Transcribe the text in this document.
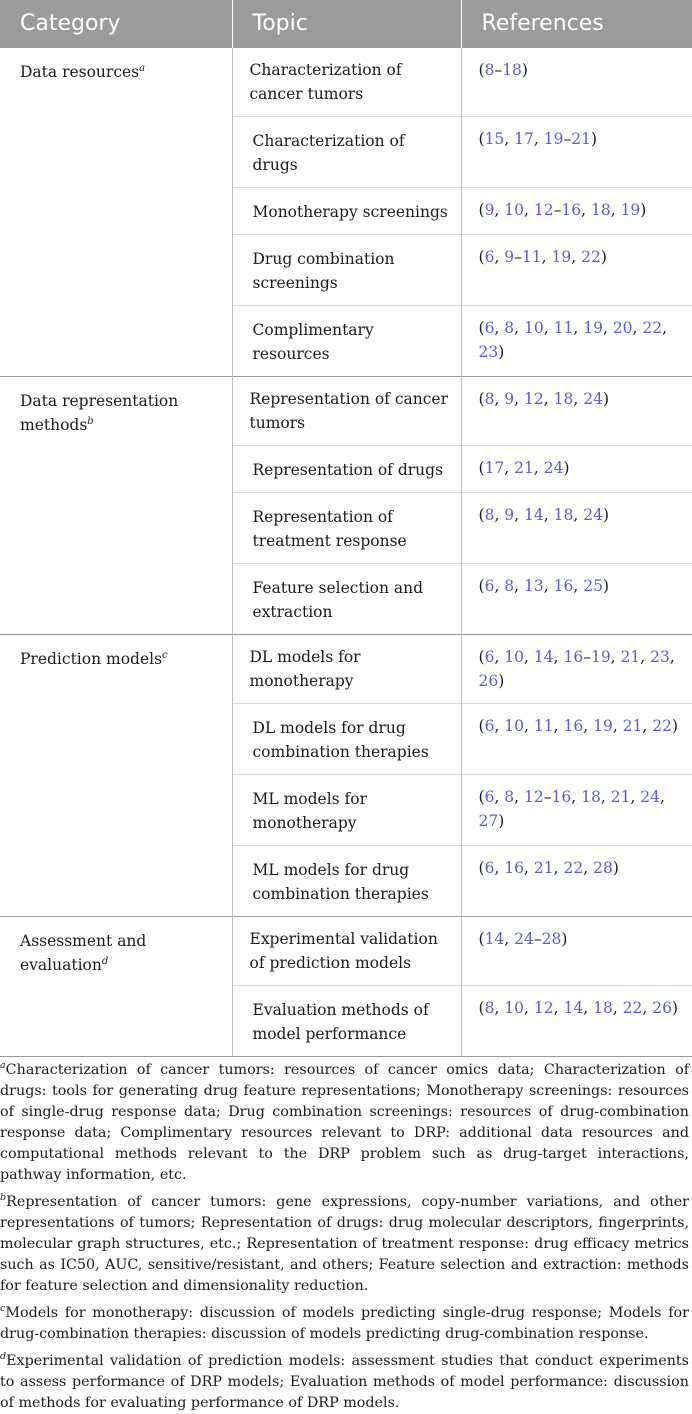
Category	Topic	References
Data resources$^a$	Characterization of cancer tumors	(8–18)
	Characterization of drugs	(15, 17, 19–21)
	Monotherapy screenings	(9, 10, 12–16, 18, 19)
	Drug combination screenings	(6, 9–11, 19, 22)
	Complimentary resources	(6, 8, 10, 11, 19, 20, 22, 23)
Data representation methods$^b$	Representation of cancer tumors	(8, 9, 12, 18, 24)
	Representation of drugs	(17, 21, 24)
	Representation of treatment response	(8, 9, 14, 18, 24)
	Feature selection and extraction	(6, 8, 13, 16, 25)
Prediction models$^c$	DL models for monotherapy	(6, 10, 14, 16–19, 21, 23, 26)
	DL models for drug combination therapies	(6, 10, 11, 16, 19, 21, 22)
	ML models for monotherapy	(6, 8, 12–16, 18, 21, 24, 27)
	ML models for drug combination therapies	(6, 16, 21, 22, 28)
Assessment and evaluation$^d$	Experimental validation of prediction models	(14, 24–28)
	Evaluation methods of model performance	(8, 10, 12, 14, 18, 22, 26)

$^a$Characterization of cancer tumors: resources of cancer omics data; Characterization of drugs: tools for generating drug feature representations; Monotherapy screenings: resources of single-drug response data; Drug combination screenings: resources of drug-combination response data; Complimentary resources relevant to DRP: additional data resources and computational methods relevant to the DRP problem such as drug-target interactions, pathway information, etc.

$^b$Representation of cancer tumors: gene expressions, copy-number variations, and other representations of tumors; Representation of drugs: drug molecular descriptors, fingerprints, molecular graph structures, etc.; Representation of treatment response: drug efficacy metrics such as IC50, AUC, sensitive/resistant, and others; Feature selection and extraction: methods for feature selection and dimensionality reduction.

$^c$Models for monotherapy: discussion of models predicting single-drug response; Models for drug-combination therapies: discussion of models predicting drug-combination response.

$^d$Experimental validation of prediction models: assessment studies that conduct experiments to assess performance of DRP models; Evaluation methods of model performance: discussion of methods for evaluating performance of DRP models.
